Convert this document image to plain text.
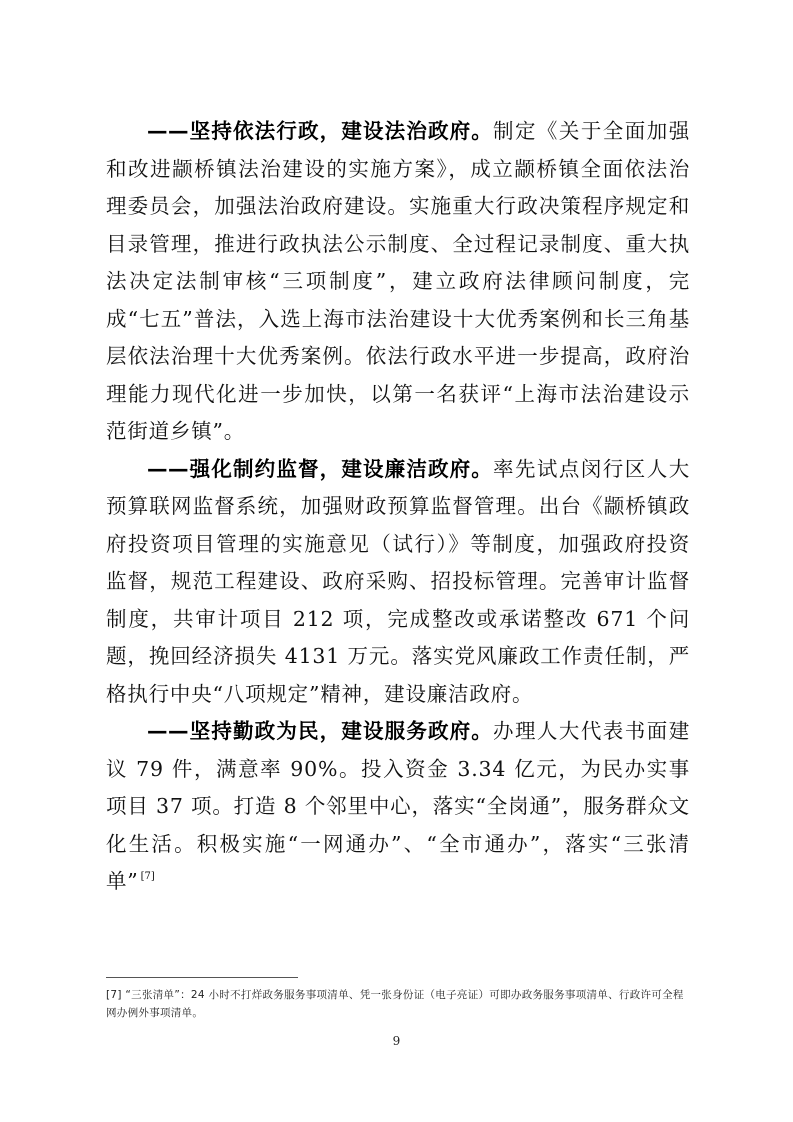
——坚持依法行政，建设法治政府。制定《关于全面加强和改进颛桥镇法治建设的实施方案》，成立颛桥镇全面依法治理委员会，加强法治政府建设。实施重大行政决策程序规定和目录管理，推进行政执法公示制度、全过程记录制度、重大执法决定法制审核“三项制度”，建立政府法律顾问制度，完成“七五”普法，入选上海市法治建设十大优秀案例和长三角基层依法治理十大优秀案例。依法行政水平进一步提高，政府治理能力现代化进一步加快，以第一名获评“上海市法治建设示范街道乡镇”。

——强化制约监督，建设廉洁政府。率先试点闵行区人大预算联网监督系统，加强财政预算监督管理。出台《颛桥镇政府投资项目管理的实施意见（试行）》等制度，加强政府投资监督，规范工程建设、政府采购、招投标管理。完善审计监督制度，共审计项目 212 项，完成整改或承诺整改 671 个问题，挽回经济损失 4131 万元。落实党风廉政工作责任制，严格执行中央“八项规定”精神，建设廉洁政府。

——坚持勤政为民，建设服务政府。办理人大代表书面建议 79 件，满意率 90%。投入资金 3.34 亿元，为民办实事项目 37 项。打造 8 个邻里中心，落实“全岗通”，服务群众文化生活。积极实施“一网通办”、“全市通办”，落实“三张清单” [7]

[7] “三张清单”：24 小时不打烊政务服务事项清单、凭一张身份证（电子亮证）可即办政务服务事项清单、行政许可全程网办例外事项清单。
9
